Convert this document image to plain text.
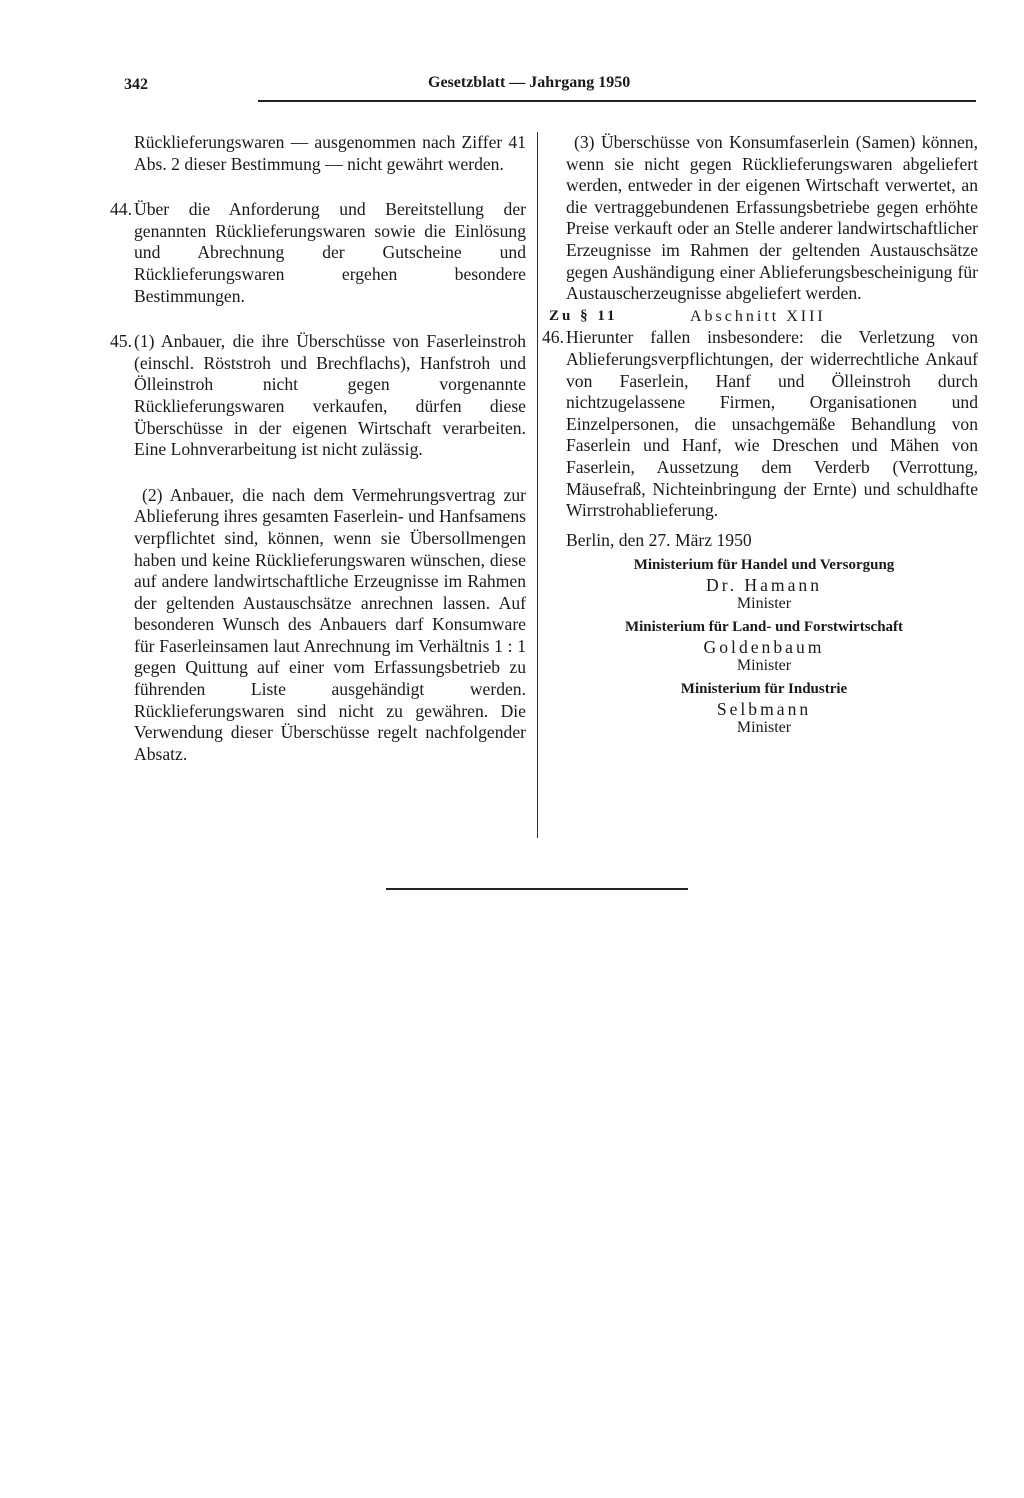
342	Gesetzblatt — Jahrgang 1950

Rücklieferungswaren — ausgenommen nach Ziffer 41 Abs. 2 dieser Bestimmung — nicht gewährt werden.

44. Über die Anforderung und Bereitstellung der genannten Rücklieferungswaren sowie die Einlösung und Abrechnung der Gutscheine und Rücklieferungswaren ergehen besondere Bestimmungen.

45. (1) Anbauer, die ihre Überschüsse von Faserleinstroh (einschl. Röststroh und Brechflachs), Hanfstroh und Ölleinstroh nicht gegen vorgenannte Rücklieferungswaren verkaufen, dürfen diese Überschüsse in der eigenen Wirtschaft verarbeiten. Eine Lohnverarbeitung ist nicht zulässig.

(2) Anbauer, die nach dem Vermehrungsvertrag zur Ablieferung ihres gesamten Faserlein- und Hanfsamens verpflichtet sind, können, wenn sie Übersollmengen haben und keine Rücklieferungswaren wünschen, diese auf andere landwirtschaftliche Erzeugnisse im Rahmen der geltenden Austauschsätze anrechnen lassen. Auf besonderen Wunsch des Anbauers darf Konsumware für Faserleinsamen laut Anrechnung im Verhältnis 1 : 1 gegen Quittung auf einer vom Erfassungsbetrieb zu führenden Liste ausgehändigt werden. Rücklieferungswaren sind nicht zu gewähren. Die Verwendung dieser Überschüsse regelt nachfolgender Absatz.

(3) Überschüsse von Konsumfaserlein (Samen) können, wenn sie nicht gegen Rücklieferungswaren abgeliefert werden, entweder in der eigenen Wirtschaft verwertet, an die vertraggebundenen Erfassungsbetriebe gegen erhöhte Preise verkauft oder an Stelle anderer landwirtschaftlicher Erzeugnisse im Rahmen der geltenden Austauschsätze gegen Aushändigung einer Ablieferungsbescheinigung für Austauscherzeugnisse abgeliefert werden.

Zu § 11	Abschnitt XIII
46. Hierunter fallen insbesondere: die Verletzung von Ablieferungsverpflichtungen, der widerrechtliche Ankauf von Faserlein, Hanf und Ölleinstroh durch nichtzugelassene Firmen, Organisationen und Einzelpersonen, die unsachgemäße Behandlung von Faserlein und Hanf, wie Dreschen und Mähen von Faserlein, Aussetzung dem Verderb (Verrottung, Mäusefraß, Nichteinbringung der Ernte) und schuldhafte Wirrstrohablieferung.

Berlin, den 27. März 1950

Ministerium für Handel und Versorgung
Dr. Hamann
Minister
Ministerium für Land- und Forstwirtschaft
Goldenbaum
Minister
Ministerium für Industrie
Selbmann
Minister
